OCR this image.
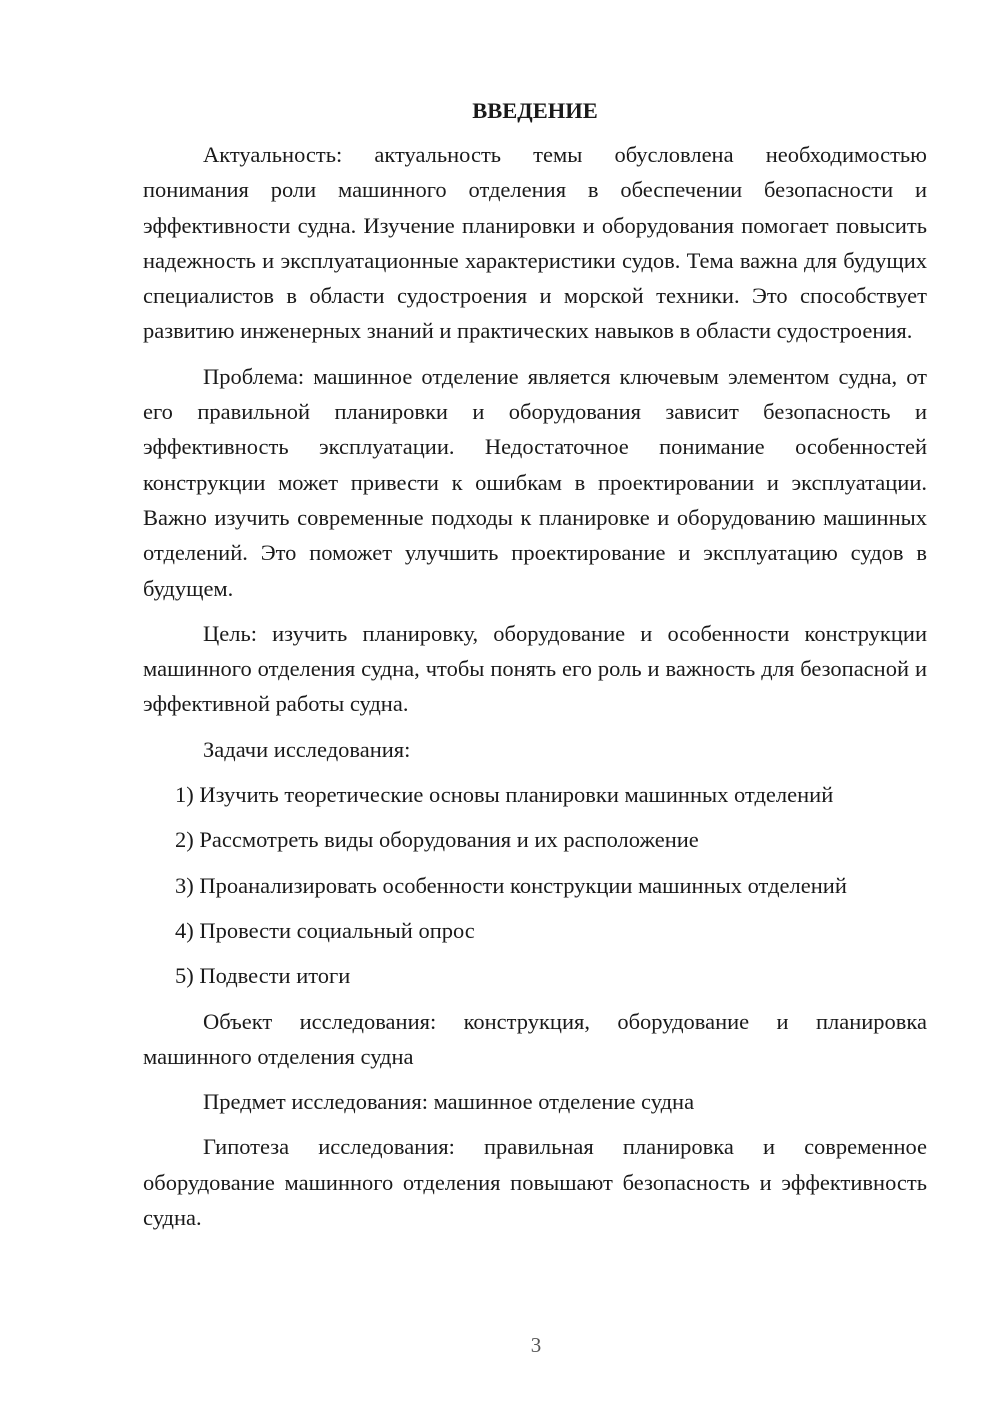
ВВЕДЕНИЕ

Актуальность: актуальность темы обусловлена необходимостью понимания роли машинного отделения в обеспечении безопасности и эффективности судна. Изучение планировки и оборудования помогает повысить надежность и эксплуатационные характеристики судов. Тема важна для будущих специалистов в области судостроения и морской техники. Это способствует развитию инженерных знаний и практических навыков в области судостроения.

Проблема: машинное отделение является ключевым элементом судна, от его правильной планировки и оборудования зависит безопасность и эффективность эксплуатации. Недостаточное понимание особенностей конструкции может привести к ошибкам в проектировании и эксплуатации. Важно изучить современные подходы к планировке и оборудованию машинных отделений. Это поможет улучшить проектирование и эксплуатацию судов в будущем.

Цель: изучить планировку, оборудование и особенности конструкции машинного отделения судна, чтобы понять его роль и важность для безопасной и эффективной работы судна.

Задачи исследования:

1) Изучить теоретические основы планировки машинных отделений
2) Рассмотреть виды оборудования и их расположение
3) Проанализировать особенности конструкции машинных отделений
4) Провести социальный опрос
5) Подвести итоги

Объект исследования: конструкция, оборудование и планировка машинного отделения судна

Предмет исследования: машинное отделение судна

Гипотеза исследования: правильная планировка и современное оборудование машинного отделения повышают безопасность и эффективность судна.

3
